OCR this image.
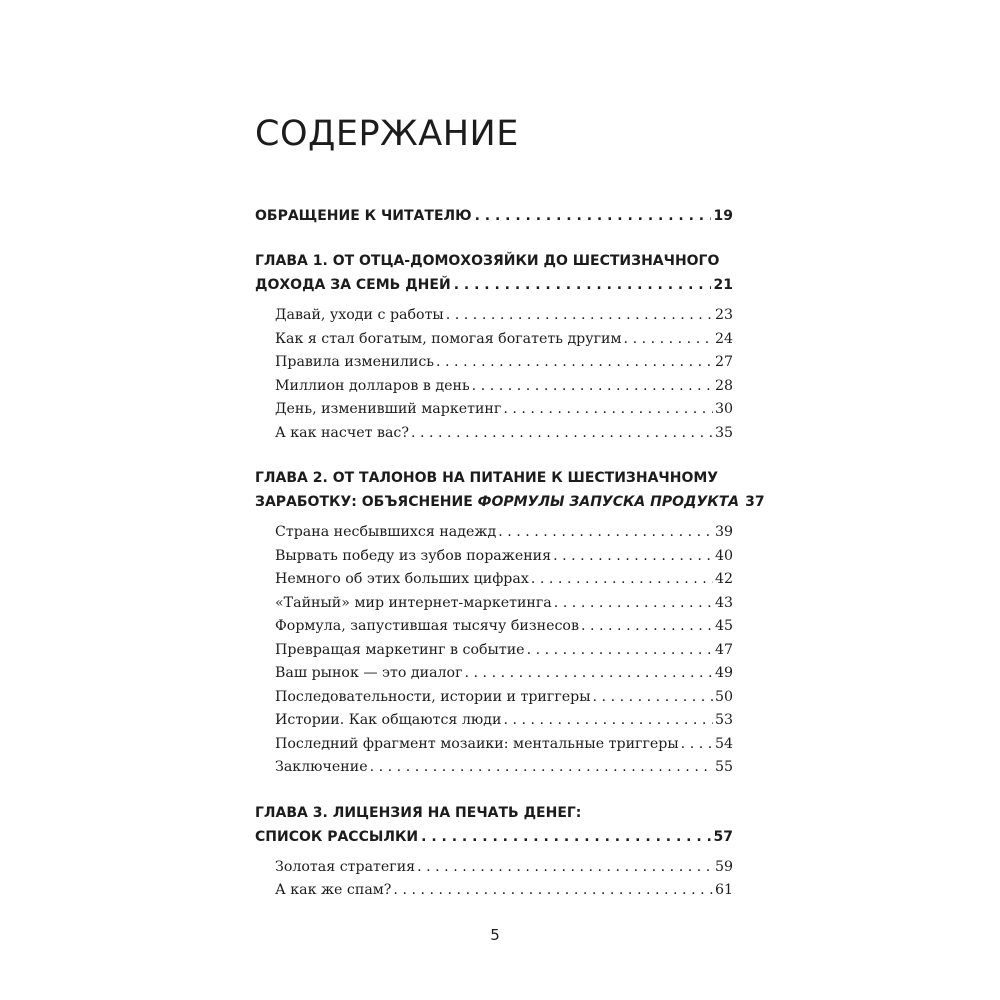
СОДЕРЖАНИЕ
ОБРАЩЕНИЕ К ЧИТАТЕЛЮ . . .	19
ГЛАВА 1. ОТ ОТЦА-ДОМОХОЗЯЙКИ ДО ШЕСТИЗНАЧНОГО
ДОХОДА ЗА СЕМЬ ДНЕЙ . . .	21
Давай, уходи с работы . . .	23
Как я стал богатым, помогая богатеть другим . . .	24
Правила изменились . . .	27
Миллион долларов в день . . .	28
День, изменивший маркетинг . . .	30
А как насчет вас? . . .	35
ГЛАВА 2. ОТ ТАЛОНОВ НА ПИТАНИЕ К ШЕСТИЗНАЧНОМУ
ЗАРАБОТКУ: ОБЪЯСНЕНИЕ ФОРМУЛЫ ЗАПУСКА ПРОДУКТА 37
Страна несбывшихся надежд . . .	39
Вырвать победу из зубов поражения . . .	40
Немного об этих больших цифрах . . .	42
«Тайный» мир интернет-маркетинга . . .	43
Формула, запустившая тысячу бизнесов . . .	45
Превращая маркетинг в событие . . .	47
Ваш рынок — это диалог . . .	49
Последовательности, истории и триггеры . . .	50
Истории. Как общаются люди . . .	53
Последний фрагмент мозаики: ментальные триггеры . . .	54
Заключение . . .	55
ГЛАВА 3. ЛИЦЕНЗИЯ НА ПЕЧАТЬ ДЕНЕГ:
СПИСОК РАССЫЛКИ . . .	57
Золотая стратегия . . .	59
А как же спам? . . .	61
5
